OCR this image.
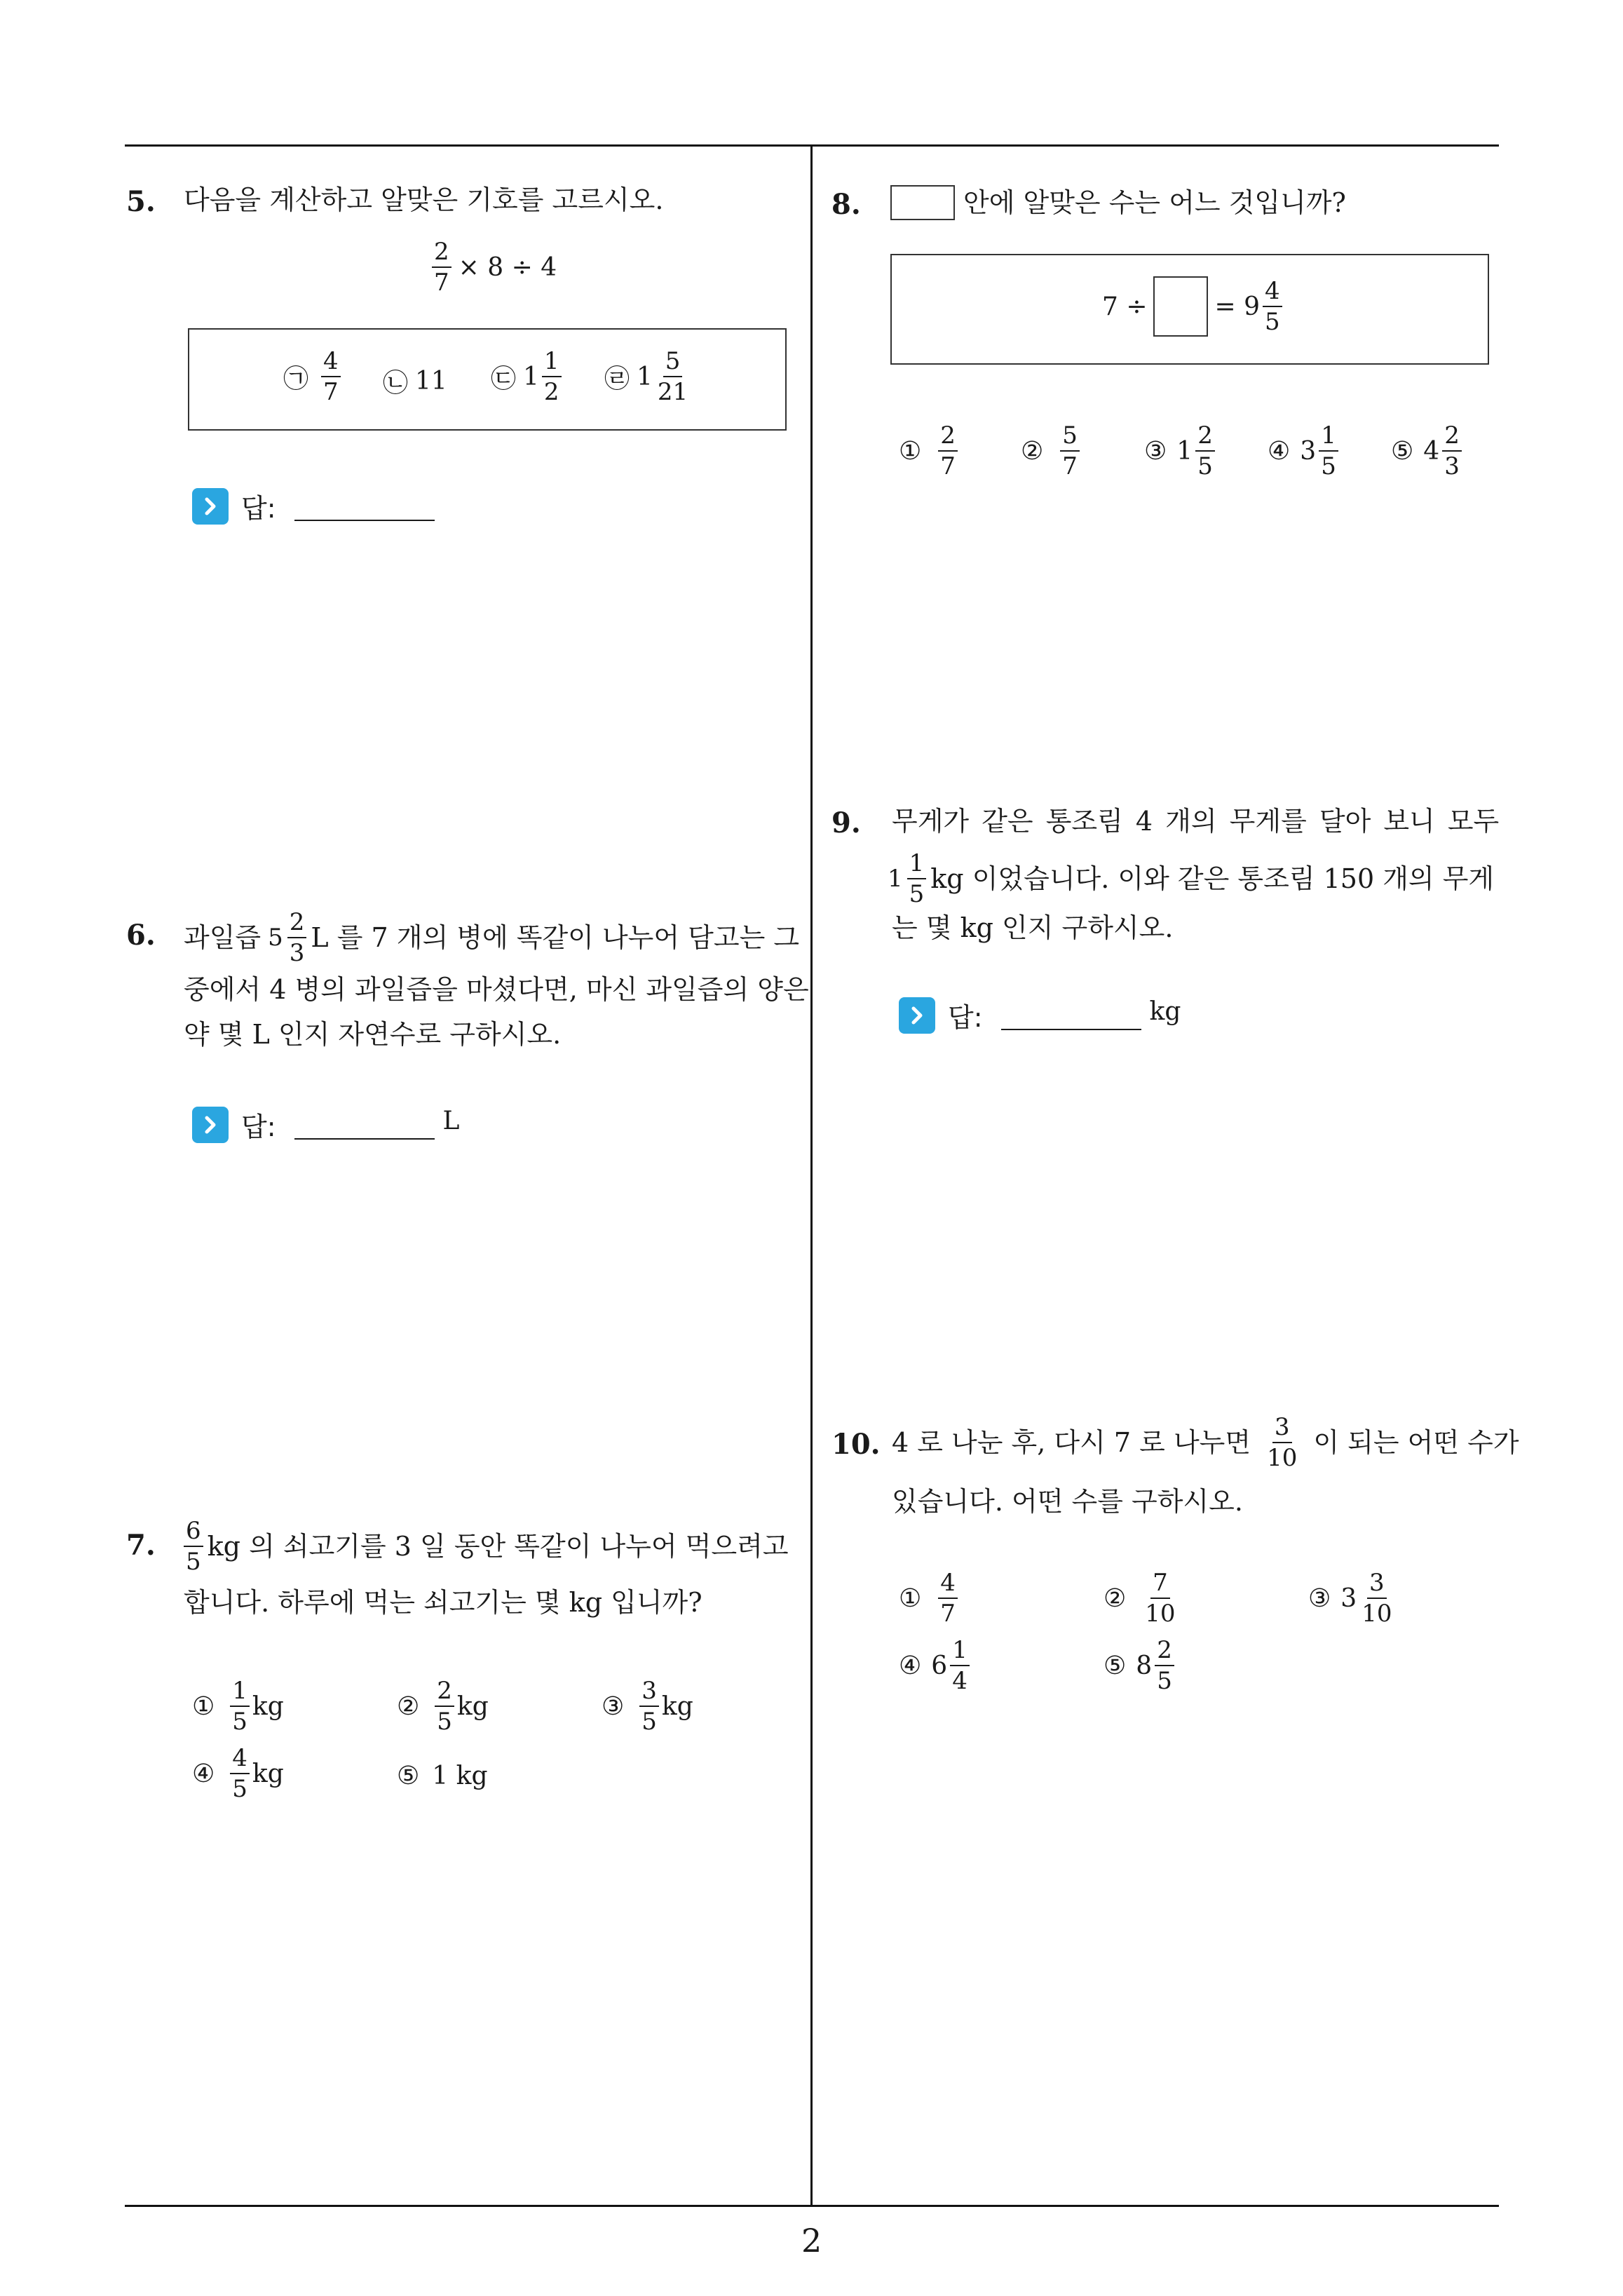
5. 다음을 계산하고 알맞은 기호를 고르시오.
$\frac{2}{7} \times 8 \div 4$
㉠ $\frac{4}{7}$ ㉡ 11 ㉢ $1 \frac{1}{2}$ ㉣ $1 \frac{5}{21}$
답:
6. 과일즙 $5 \frac{2}{3}$ L 를 7 개의 병에 똑같이 나누어 담고는 그
중에서 4 병의 과일즙을 마셨다면, 마신 과일즙의 양은
약 몇 L 인지 자연수로 구하시오.
답:	L
7. $\frac{6}{5}$ kg 의 쇠고기를 3 일 동안 똑같이 나누어 먹으려고
합니다. 하루에 먹는 쇠고기는 몇 kg 입니까?
① $\frac{1}{5}$ kg	② $\frac{2}{5}$ kg	③ $\frac{3}{5}$ kg
④ $\frac{4}{5}$ kg	⑤ 1 kg
8.	안에 알맞은 수는 어느 것입니까?
7 ÷	= $9 \frac{4}{5}$
① $\frac{2}{7}$	② $\frac{5}{7}$	③ $1 \frac{2}{5}$ ④ $3 \frac{1}{5}$ ⑤ $4 \frac{2}{3}$
9. 무게가 같은 통조림 4 개의 무게를 달아 보니 모두
$1 \frac{1}{5}$ kg 이었습니다. 이와 같은 통조림 150 개의 무게
는 몇 kg 인지 구하시오.
답:	kg
10. 4 로 나눈 후, 다시 7 로 나누면 $\frac{3}{10}$ 이 되는 어떤 수가
있습니다. 어떤 수를 구하시오.
① $\frac{4}{7}$	② $\frac{7}{10}$	③ $3 \frac{3}{10}$
④ $6 \frac{1}{4}$	⑤ $8 \frac{2}{5}$
2
